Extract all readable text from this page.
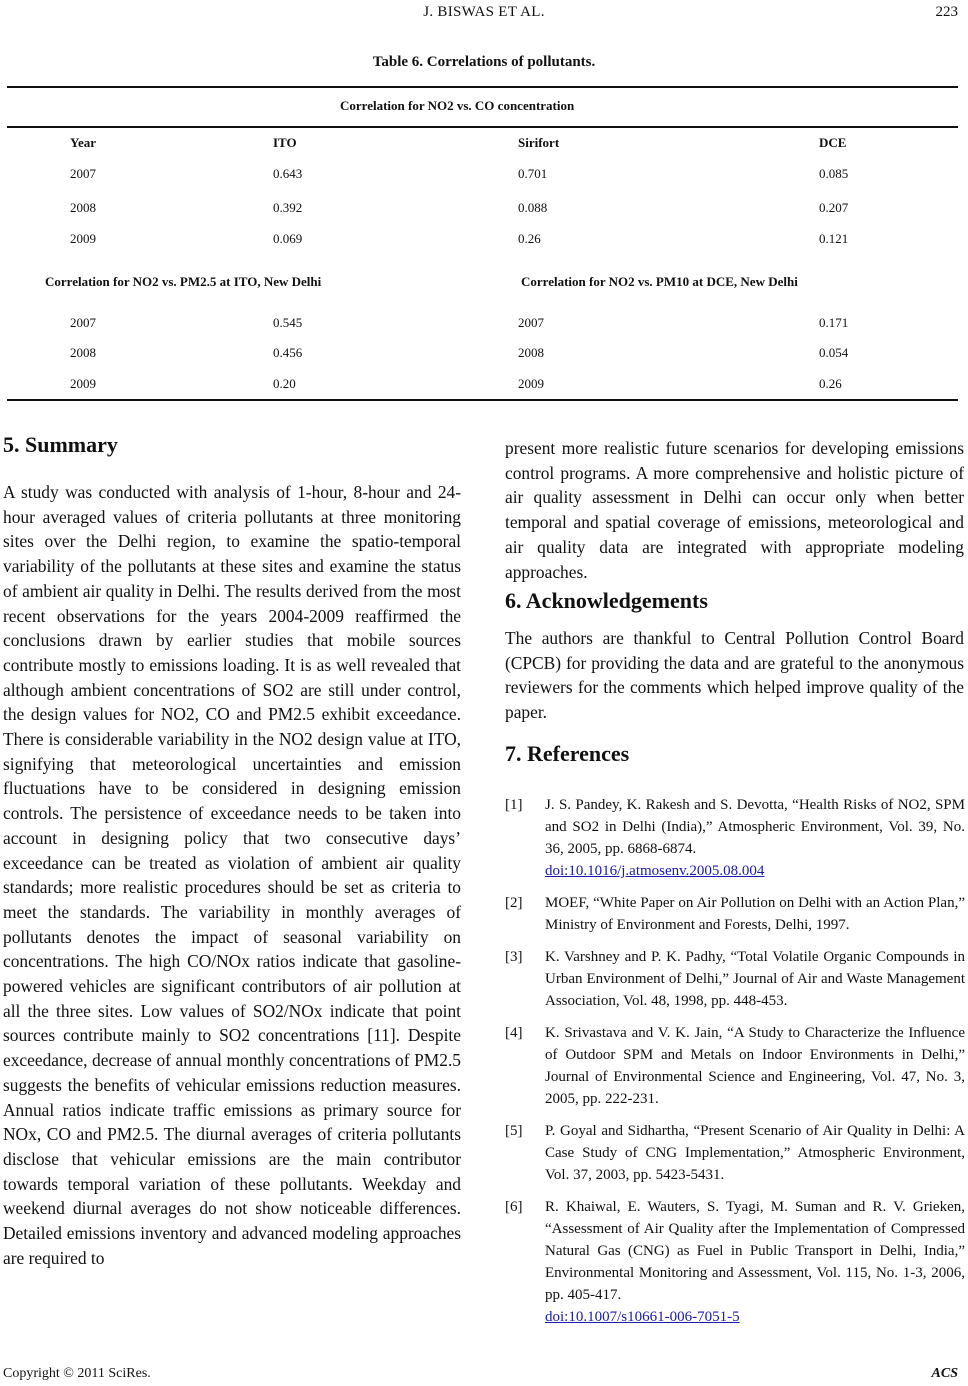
J. BISWAS ET AL.	223
Table 6. Correlations of pollutants.
Correlation for NO2 vs. CO concentration
Year	ITO	Sirifort	DCE
2007	0.643	0.701	0.085
2008	0.392	0.088	0.207
2009	0.069	0.26	0.121
Correlation for NO2 vs. PM2.5 at ITO, New Delhi	Correlation for NO2 vs. PM10 at DCE, New Delhi
2007	0.545	2007	0.171
2008	0.456	2008	0.054
2009	0.20	2009	0.26
5. Summary
A study was conducted with analysis of 1-hour, 8-hour and 24-hour averaged values of criteria pollutants at three monitoring sites over the Delhi region, to examine the spatio-temporal variability of the pollutants at these sites and examine the status of ambient air quality in Delhi. The results derived from the most recent observations for the years 2004-2009 reaffirmed the conclusions drawn by earlier studies that mobile sources contribute mostly to emissions loading. It is as well revealed that although ambient concentrations of SO2 are still under control, the design values for NO2, CO and PM2.5 exhibit exceedance. There is considerable variability in the NO2 design value at ITO, signifying that meteorological uncertainties and emission fluctuations have to be considered in designing emission controls. The persistence of exceedance needs to be taken into account in designing policy that two consecutive days’ exceedance can be treated as violation of ambient air quality standards; more realistic procedures should be set as criteria to meet the standards. The variability in monthly averages of pollutants denotes the impact of seasonal variability on concentrations. The high CO/NOx ratios indicate that gasoline-powered vehicles are significant contributors of air pollution at all the three sites. Low values of SO2/NOx indicate that point sources contribute mainly to SO2 concentrations [11]. Despite exceedance, decrease of annual monthly concentrations of PM2.5 suggests the benefits of vehicular emissions reduction measures. Annual ratios indicate traffic emissions as primary source for NOx, CO and PM2.5. The diurnal averages of criteria pollutants disclose that vehicular emissions are the main contributor towards temporal variation of these pollutants. Weekday and weekend diurnal averages do not show noticeable differences. Detailed emissions inventory and advanced modeling approaches are required to
present more realistic future scenarios for developing emissions control programs. A more comprehensive and holistic picture of air quality assessment in Delhi can occur only when better temporal and spatial coverage of emissions, meteorological and air quality data are integrated with appropriate modeling approaches.
6. Acknowledgements
The authors are thankful to Central Pollution Control Board (CPCB) for providing the data and are grateful to the anonymous reviewers for the comments which helped improve quality of the paper.
7. References
[1] J. S. Pandey, K. Rakesh and S. Devotta, “Health Risks of NO2, SPM and SO2 in Delhi (India),” Atmospheric Environment, Vol. 39, No. 36, 2005, pp. 6868-6874.
doi:10.1016/j.atmosenv.2005.08.004
[2] MOEF, “White Paper on Air Pollution on Delhi with an Action Plan,” Ministry of Environment and Forests, Delhi, 1997.
[3] K. Varshney and P. K. Padhy, “Total Volatile Organic Compounds in Urban Environment of Delhi,” Journal of Air and Waste Management Association, Vol. 48, 1998, pp. 448-453.
[4] K. Srivastava and V. K. Jain, “A Study to Characterize the Influence of Outdoor SPM and Metals on Indoor Environments in Delhi,” Journal of Environmental Science and Engineering, Vol. 47, No. 3, 2005, pp. 222-231.
[5] P. Goyal and Sidhartha, “Present Scenario of Air Quality in Delhi: A Case Study of CNG Implementation,” Atmospheric Environment, Vol. 37, 2003, pp. 5423-5431.
[6] R. Khaiwal, E. Wauters, S. Tyagi, M. Suman and R. V. Grieken, “Assessment of Air Quality after the Implementation of Compressed Natural Gas (CNG) as Fuel in Public Transport in Delhi, India,” Environmental Monitoring and Assessment, Vol. 115, No. 1-3, 2006, pp. 405-417.
doi:10.1007/s10661-006-7051-5
Copyright © 2011 SciRes.	ACS
